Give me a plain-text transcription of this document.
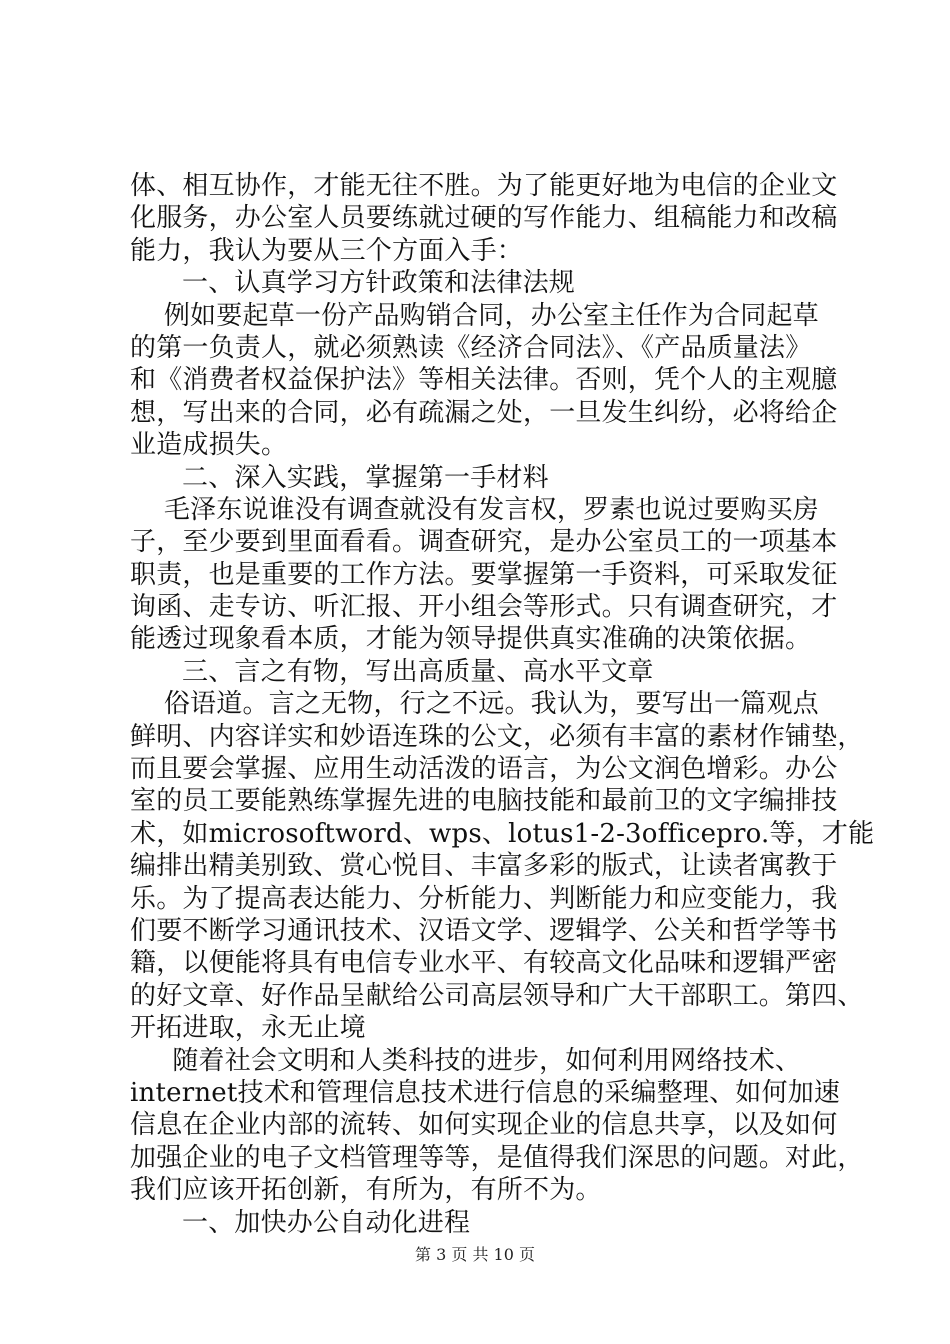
体、相互协作，才能无往不胜。为了能更好地为电信的企业文
化服务，办公室人员要练就过硬的写作能力、组稿能力和改稿
能力，我认为要从三个方面入手：
一、认真学习方针政策和法律法规
例如要起草一份产品购销合同，办公室主任作为合同起草
的第一负责人，就必须熟读《经济合同法》、《产品质量法》
和《消费者权益保护法》等相关法律。否则，凭个人的主观臆
想，写出来的合同，必有疏漏之处，一旦发生纠纷，必将给企
业造成损失。
二、深入实践，掌握第一手材料
毛泽东说谁没有调查就没有发言权，罗素也说过要购买房
子，至少要到里面看看。调查研究，是办公室员工的一项基本
职责，也是重要的工作方法。要掌握第一手资料，可采取发征
询函、走专访、听汇报、开小组会等形式。只有调查研究，才
能透过现象看本质，才能为领导提供真实准确的决策依据。
三、言之有物，写出高质量、高水平文章
俗语道。言之无物，行之不远。我认为，要写出一篇观点
鲜明、内容详实和妙语连珠的公文，必须有丰富的素材作铺垫，
而且要会掌握、应用生动活泼的语言，为公文润色增彩。办公
室的员工要能熟练掌握先进的电脑技能和最前卫的文字编排技
术，如microsoftword、wps、lotus1-2-3officepro.等，才能
编排出精美别致、赏心悦目、丰富多彩的版式，让读者寓教于
乐。为了提高表达能力、分析能力、判断能力和应变能力，我
们要不断学习通讯技术、汉语文学、逻辑学、公关和哲学等书
籍，以便能将具有电信专业水平、有较高文化品味和逻辑严密
的好文章、好作品呈献给公司高层领导和广大干部职工。第四、
开拓进取，永无止境
随着社会文明和人类科技的进步，如何利用网络技术、
internet技术和管理信息技术进行信息的采编整理、如何加速
信息在企业内部的流转、如何实现企业的信息共享，以及如何
加强企业的电子文档管理等等，是值得我们深思的问题。对此，
我们应该开拓创新，有所为，有所不为。
一、加快办公自动化进程
第 3 页 共 10 页
